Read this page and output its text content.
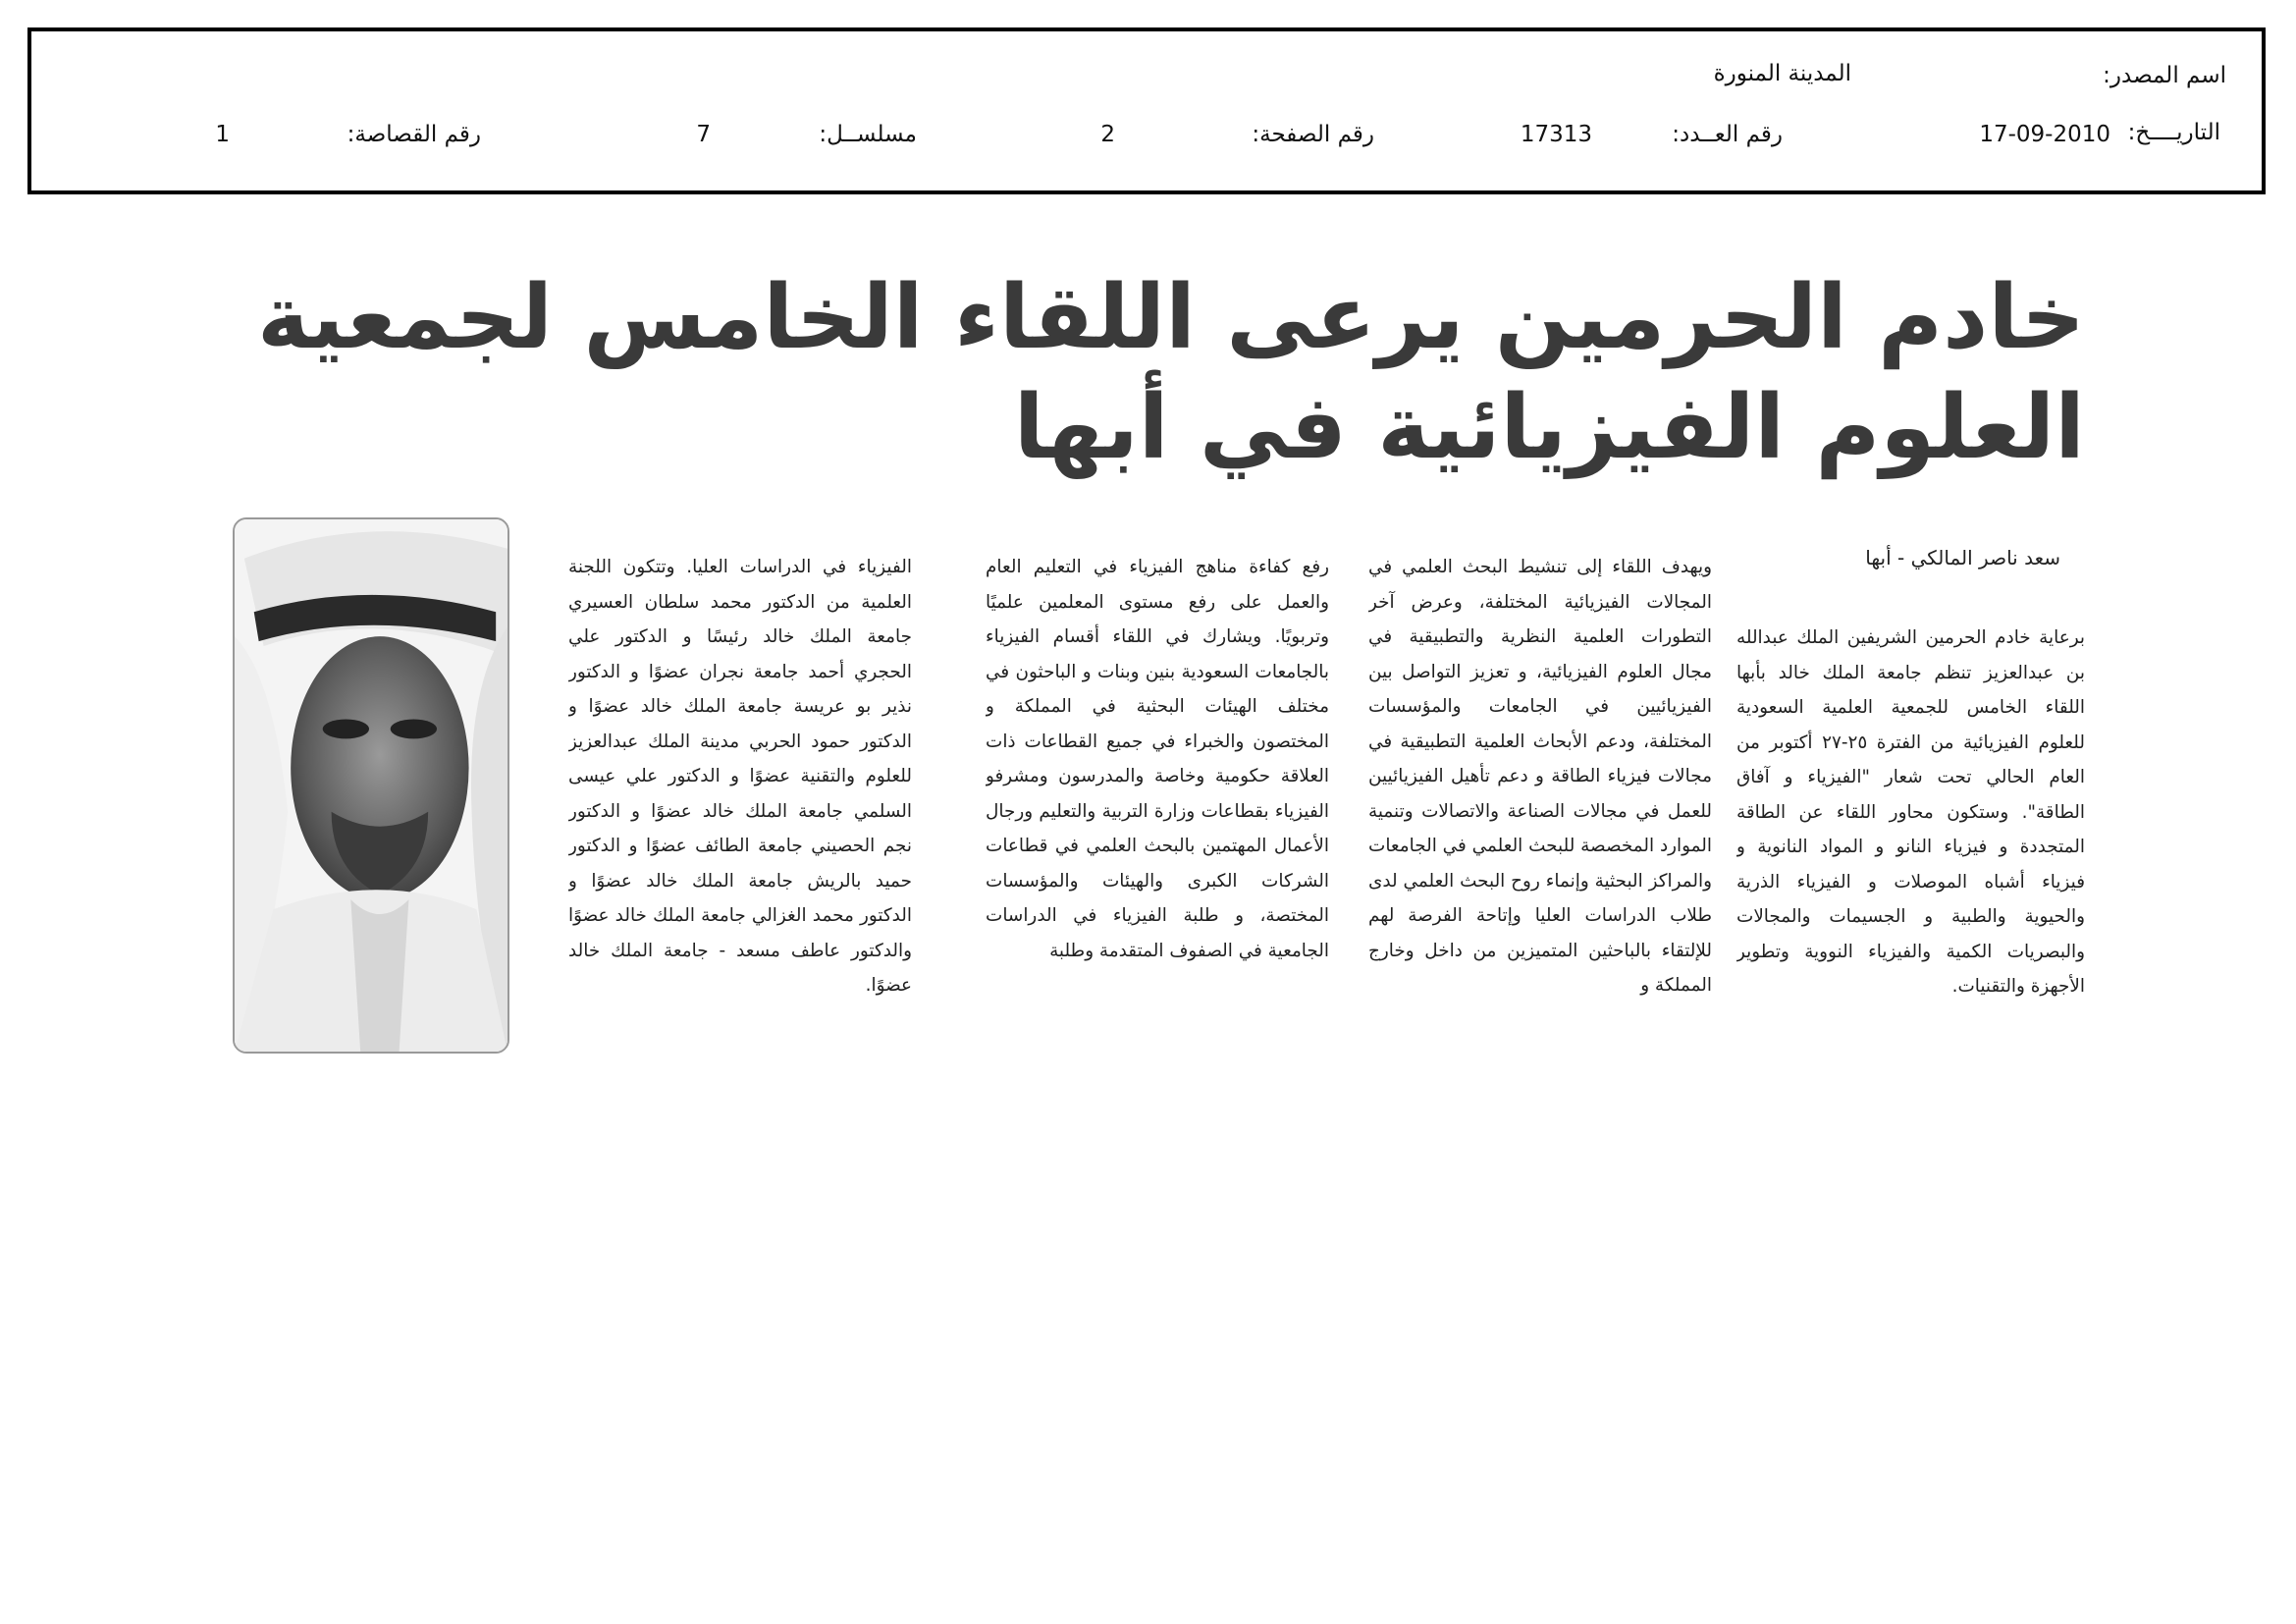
اسم المصدر:
المدينة المنورة
التاريــــخ:
17-09-2010
رقم العــدد:
17313
رقم الصفحة:
2
مسلســل:
7
رقم القصاصة:
1
خادم الحرمين يرعى اللقاء الخامس لجمعية
العلوم الفيزيائية في أبها
سعد ناصر المالكي - أبها

برعاية خادم الحرمين الشريفين الملك عبدالله بن عبدالعزيز تنظم جامعة الملك خالد بأبها اللقاء الخامس للجمعية العلمية السعودية للعلوم الفيزيائية من الفترة ٢٥-٢٧ أكتوبر من العام الحالي تحت شعار "الفيزياء و آفاق الطاقة". وستكون محاور اللقاء عن الطاقة المتجددة و فيزياء النانو و المواد النانوية و فيزياء أشباه الموصلات و الفيزياء الذرية والحيوية والطبية و الجسيمات والمجالات والبصريات الكمية والفيزياء النووية وتطوير الأجهزة والتقنيات.

ويهدف اللقاء إلى تنشيط البحث العلمي في المجالات الفيزيائية المختلفة، وعرض آخر التطورات العلمية النظرية والتطبيقية في مجال العلوم الفيزيائية، و تعزيز التواصل بين الفيزيائيين في الجامعات والمؤسسات المختلفة، ودعم الأبحاث العلمية التطبيقية في مجالات فيزياء الطاقة و دعم تأهيل الفيزيائيين للعمل في مجالات الصناعة والاتصالات وتنمية الموارد المخصصة للبحث العلمي في الجامعات والمراكز البحثية وإنماء روح البحث العلمي لدى طلاب الدراسات العليا وإتاحة الفرصة لهم للإلتقاء بالباحثين المتميزين من داخل وخارج المملكة و

رفع كفاءة مناهج الفيزياء في التعليم العام والعمل على رفع مستوى المعلمين علميًا وتربويًا. ويشارك في اللقاء أقسام الفيزياء بالجامعات السعودية بنين وبنات و الباحثون في مختلف الهيئات البحثية في المملكة و المختصون والخبراء في جميع القطاعات ذات العلاقة حكومية وخاصة والمدرسون ومشرفو الفيزياء بقطاعات وزارة التربية والتعليم ورجال الأعمال المهتمين بالبحث العلمي في قطاعات الشركات الكبرى والهيئات والمؤسسات المختصة، و طلبة الفيزياء في الدراسات الجامعية في الصفوف المتقدمة وطلبة

الفيزياء في الدراسات العليا. وتتكون اللجنة العلمية من الدكتور محمد سلطان العسيري جامعة الملك خالد رئيسًا و الدكتور علي الحجري أحمد جامعة نجران عضوًا و الدكتور نذير بو عريسة جامعة الملك خالد عضوًا و الدكتور حمود الحربي مدينة الملك عبدالعزيز للعلوم والتقنية عضوًا و الدكتور علي عيسى السلمي جامعة الملك خالد عضوًا و الدكتور نجم الحصيني جامعة الطائف عضوًا و الدكتور حميد بالريش جامعة الملك خالد عضوًا و الدكتور محمد الغزالي جامعة الملك خالد عضوًا والدكتور عاطف مسعد - جامعة الملك خالد عضوًا.
